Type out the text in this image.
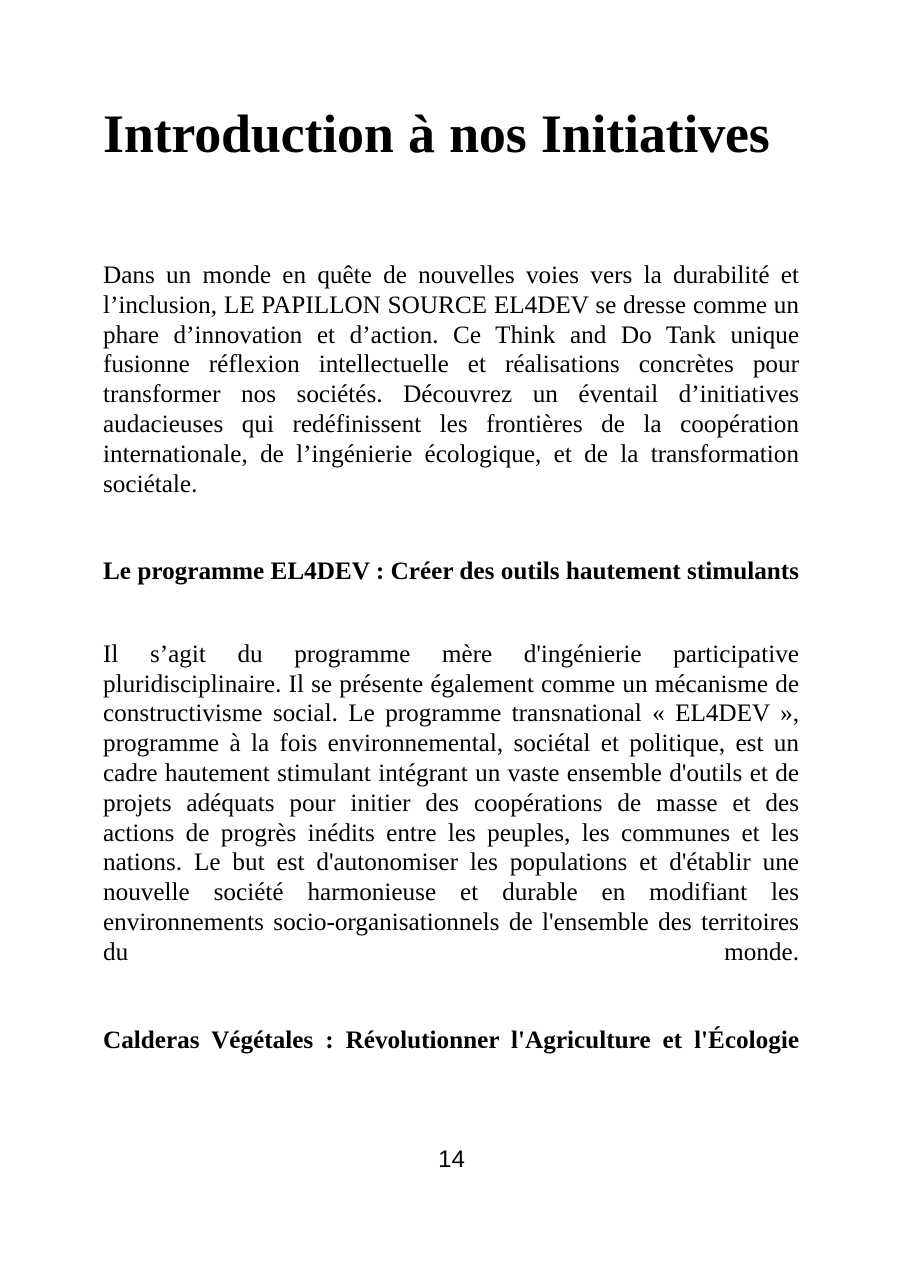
Introduction à nos Initiatives

Dans un monde en quête de nouvelles voies vers la durabilité et l’inclusion, LE PAPILLON SOURCE EL4DEV se dresse comme un phare d’innovation et d’action. Ce Think and Do Tank unique fusionne réflexion intellectuelle et réalisations concrètes pour transformer nos sociétés. Découvrez un éventail d’initiatives audacieuses qui redéfinissent les frontières de la coopération internationale, de l’ingénierie écologique, et de la transformation sociétale.

Le programme EL4DEV : Créer des outils hautement stimulants

Il s’agit du programme mère d'ingénierie participative pluridisciplinaire. Il se présente également comme un mécanisme de constructivisme social. Le programme transnational « EL4DEV », programme à la fois environnemental, sociétal et politique, est un cadre hautement stimulant intégrant un vaste ensemble d'outils et de projets adéquats pour initier des coopérations de masse et des actions de progrès inédits entre les peuples, les communes et les nations. Le but est d'autonomiser les populations et d'établir une nouvelle société harmonieuse et durable en modifiant les environnements socio-organisationnels de l'ensemble des territoires du monde.

Calderas Végétales : Révolutionner l'Agriculture et l'Écologie

14
